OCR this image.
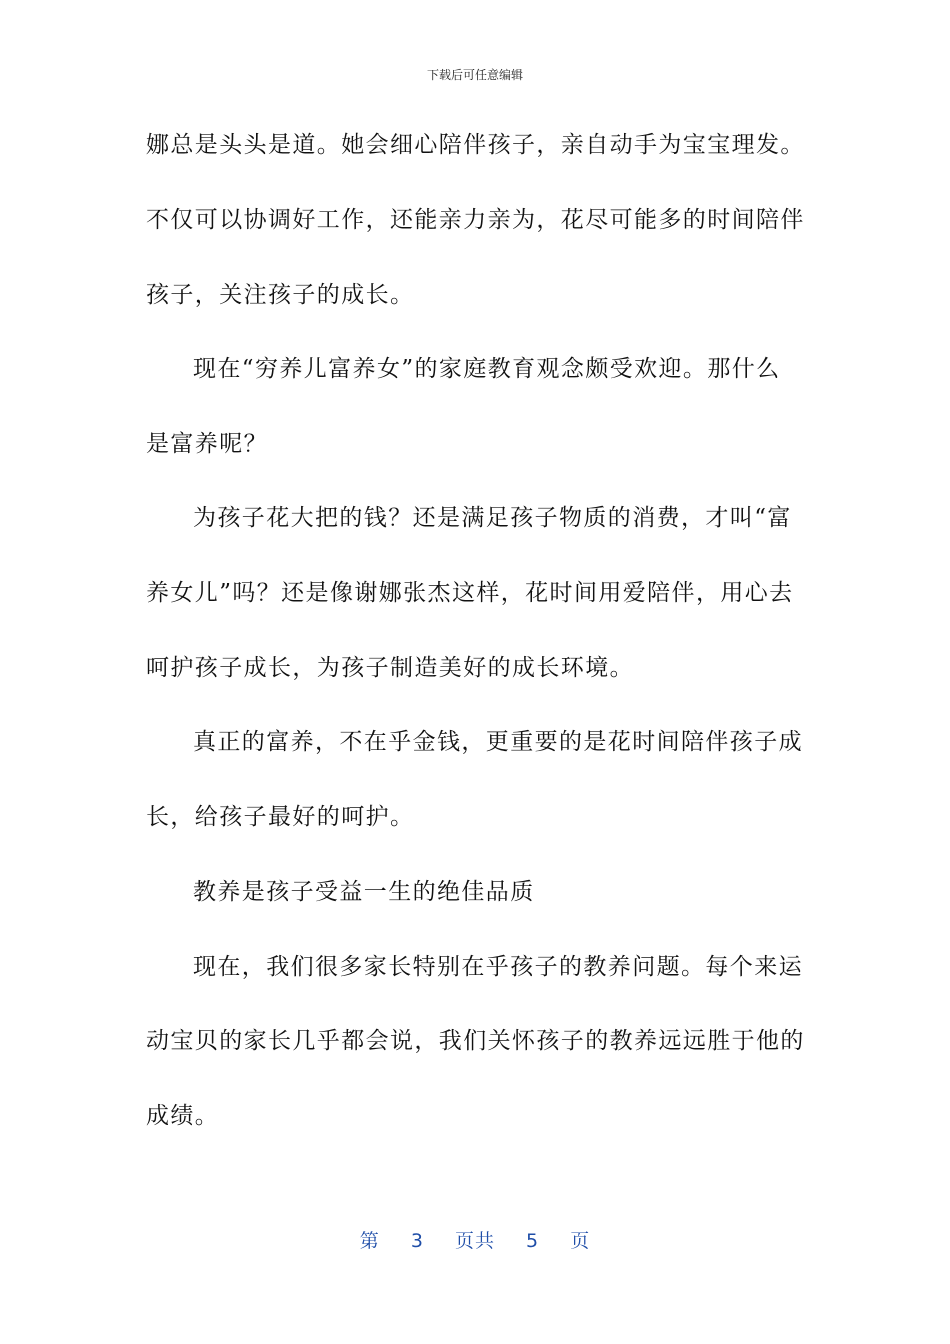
下载后可任意编辑
娜总是头头是道。她会细心陪伴孩子，亲自动手为宝宝理发。
不仅可以协调好工作，还能亲力亲为，花尽可能多的时间陪伴
孩子，关注孩子的成长。
现在“穷养儿富养女”的家庭教育观念颇受欢迎。那什么
是富养呢？
为孩子花大把的钱？还是满足孩子物质的消费，才叫“富
养女儿”吗？还是像谢娜张杰这样，花时间用爱陪伴，用心去
呵护孩子成长，为孩子制造美好的成长环境。
真正的富养，不在乎金钱，更重要的是花时间陪伴孩子成
长，给孩子最好的呵护。
教养是孩子受益一生的绝佳品质
现在，我们很多家长特别在乎孩子的教养问题。每个来运
动宝贝的家长几乎都会说，我们关怀孩子的教养远远胜于他的
成绩。
第 3 页共 5 页
